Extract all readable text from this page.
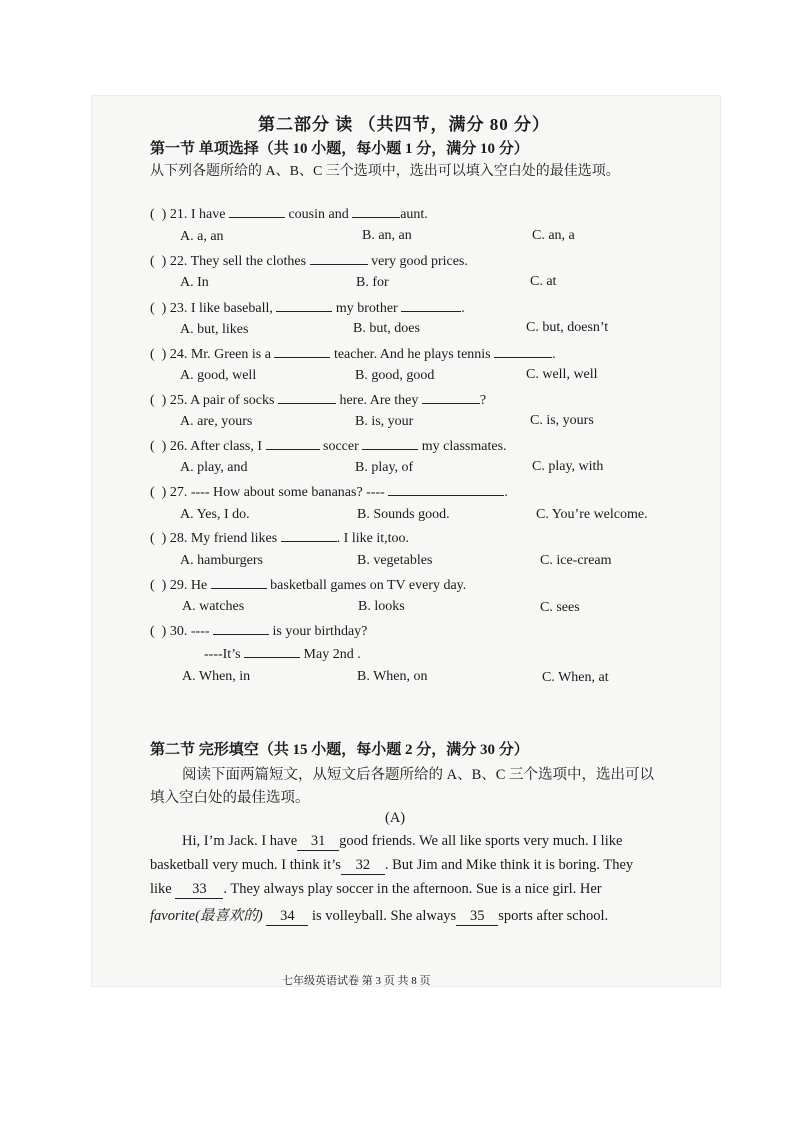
第二部分 读 （共四节，满分 80 分）
第一节 单项选择（共 10 小题，每小题 1 分，满分 10 分）
从下列各题所给的 A、B、C 三个选项中，选出可以填入空白处的最佳选项。
( ) 21. I have	cousin and	aunt.
A. a, an	B. an, an	C. an, a
( ) 22. They sell the clothes	very good prices.
A. In	B. for	C. at
( ) 23. I like baseball,	my brother	.
A. but, likes	B. but, does	C. but, doesn’t
( ) 24. Mr. Green is a	teacher. And he plays tennis	.
A. good, well	B. good, good	C. well, well
( ) 25. A pair of socks	here. Are they	?
A. are, yours	B. is, your	C. is, yours
( ) 26. After class, I	soccer	my classmates.
A. play, and	B. play, of	C. play, with
( ) 27. ---- How about some bananas? ----	.
A. Yes, I do.	B. Sounds good.	C. You’re welcome.
( ) 28. My friend likes	. I like it,too.
A. hamburgers	B. vegetables	C. ice-cream
( ) 29. He	basketball games on TV every day.
A. watches	B. looks	C. sees
( ) 30. ----	is your birthday?
----It’s	May 2nd .
A. When, in	B. When, on	C. When, at
第二节 完形填空（共 15 小题，每小题 2 分，满分 30 分）
阅读下面两篇短文，从短文后各题所给的 A、B、C 三个选项中，选出可以
填入空白处的最佳选项。
(A)
Hi, I’m Jack. I have 31 good friends. We all like sports very much. I like
basketball very much. I think it’s 32 . But Jim and Mike think it is boring. They
like 33 . They always play soccer in the afternoon. Sue is a nice girl. Her
favorite(最喜欢的) 34 is volleyball. She always 35 sports after school.
七年级英语试卷 第 3 页 共 8 页
